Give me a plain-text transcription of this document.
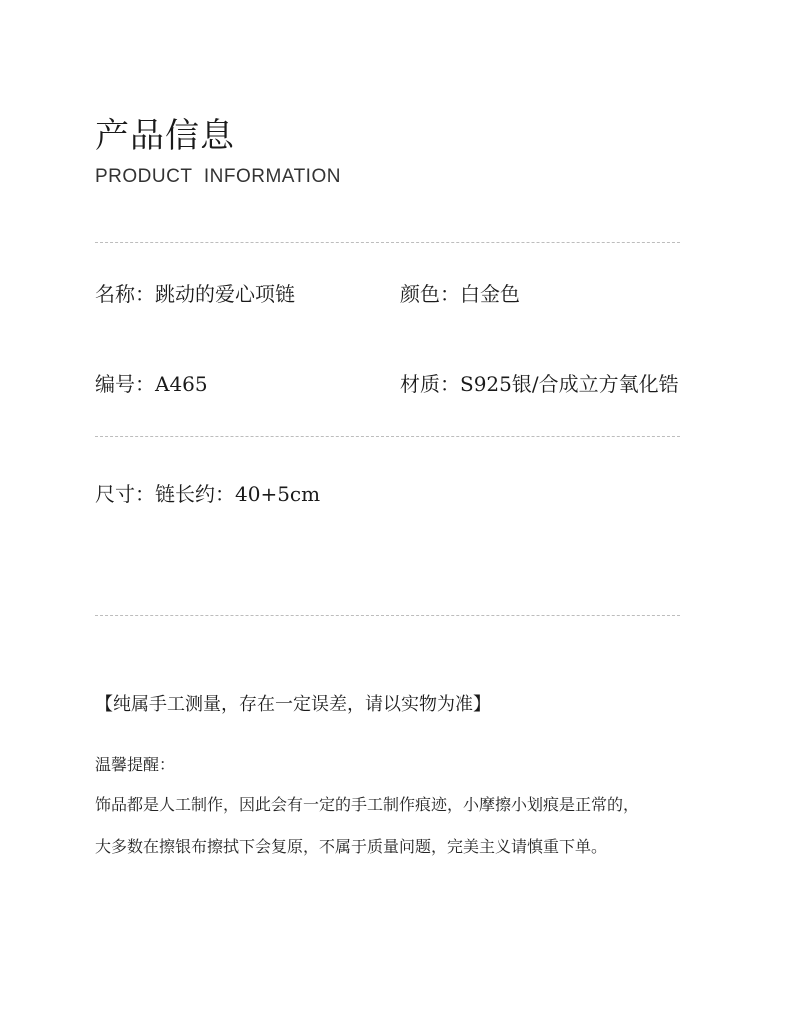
产品信息
PRODUCT INFORMATION
名称：跳动的爱心项链	颜色：白金色
编号：A465	材质：S925银/合成立方氧化锆
尺寸：链长约：40+5cm
【纯属手工测量，存在一定误差，请以实物为准】
温馨提醒：
饰品都是人工制作，因此会有一定的手工制作痕迹，小摩擦小划痕是正常的，
大多数在擦银布擦拭下会复原，不属于质量问题，完美主义请慎重下单。
